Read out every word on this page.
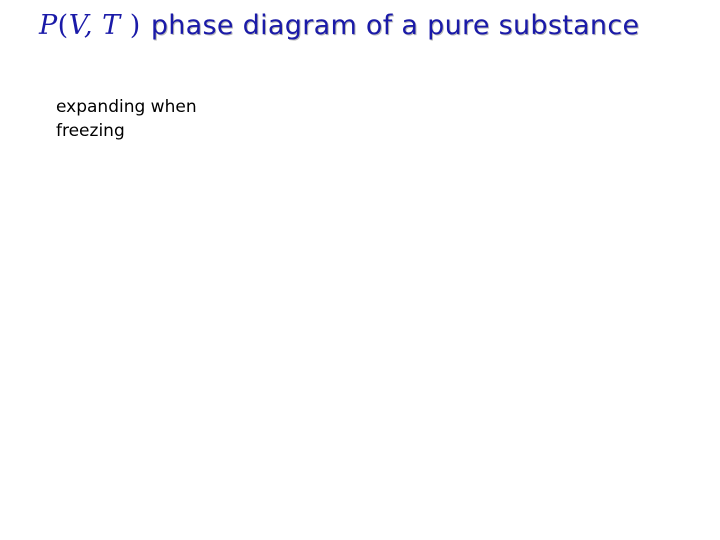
P(V, T ) phase diagram of a pure substance
expanding when
freezing
